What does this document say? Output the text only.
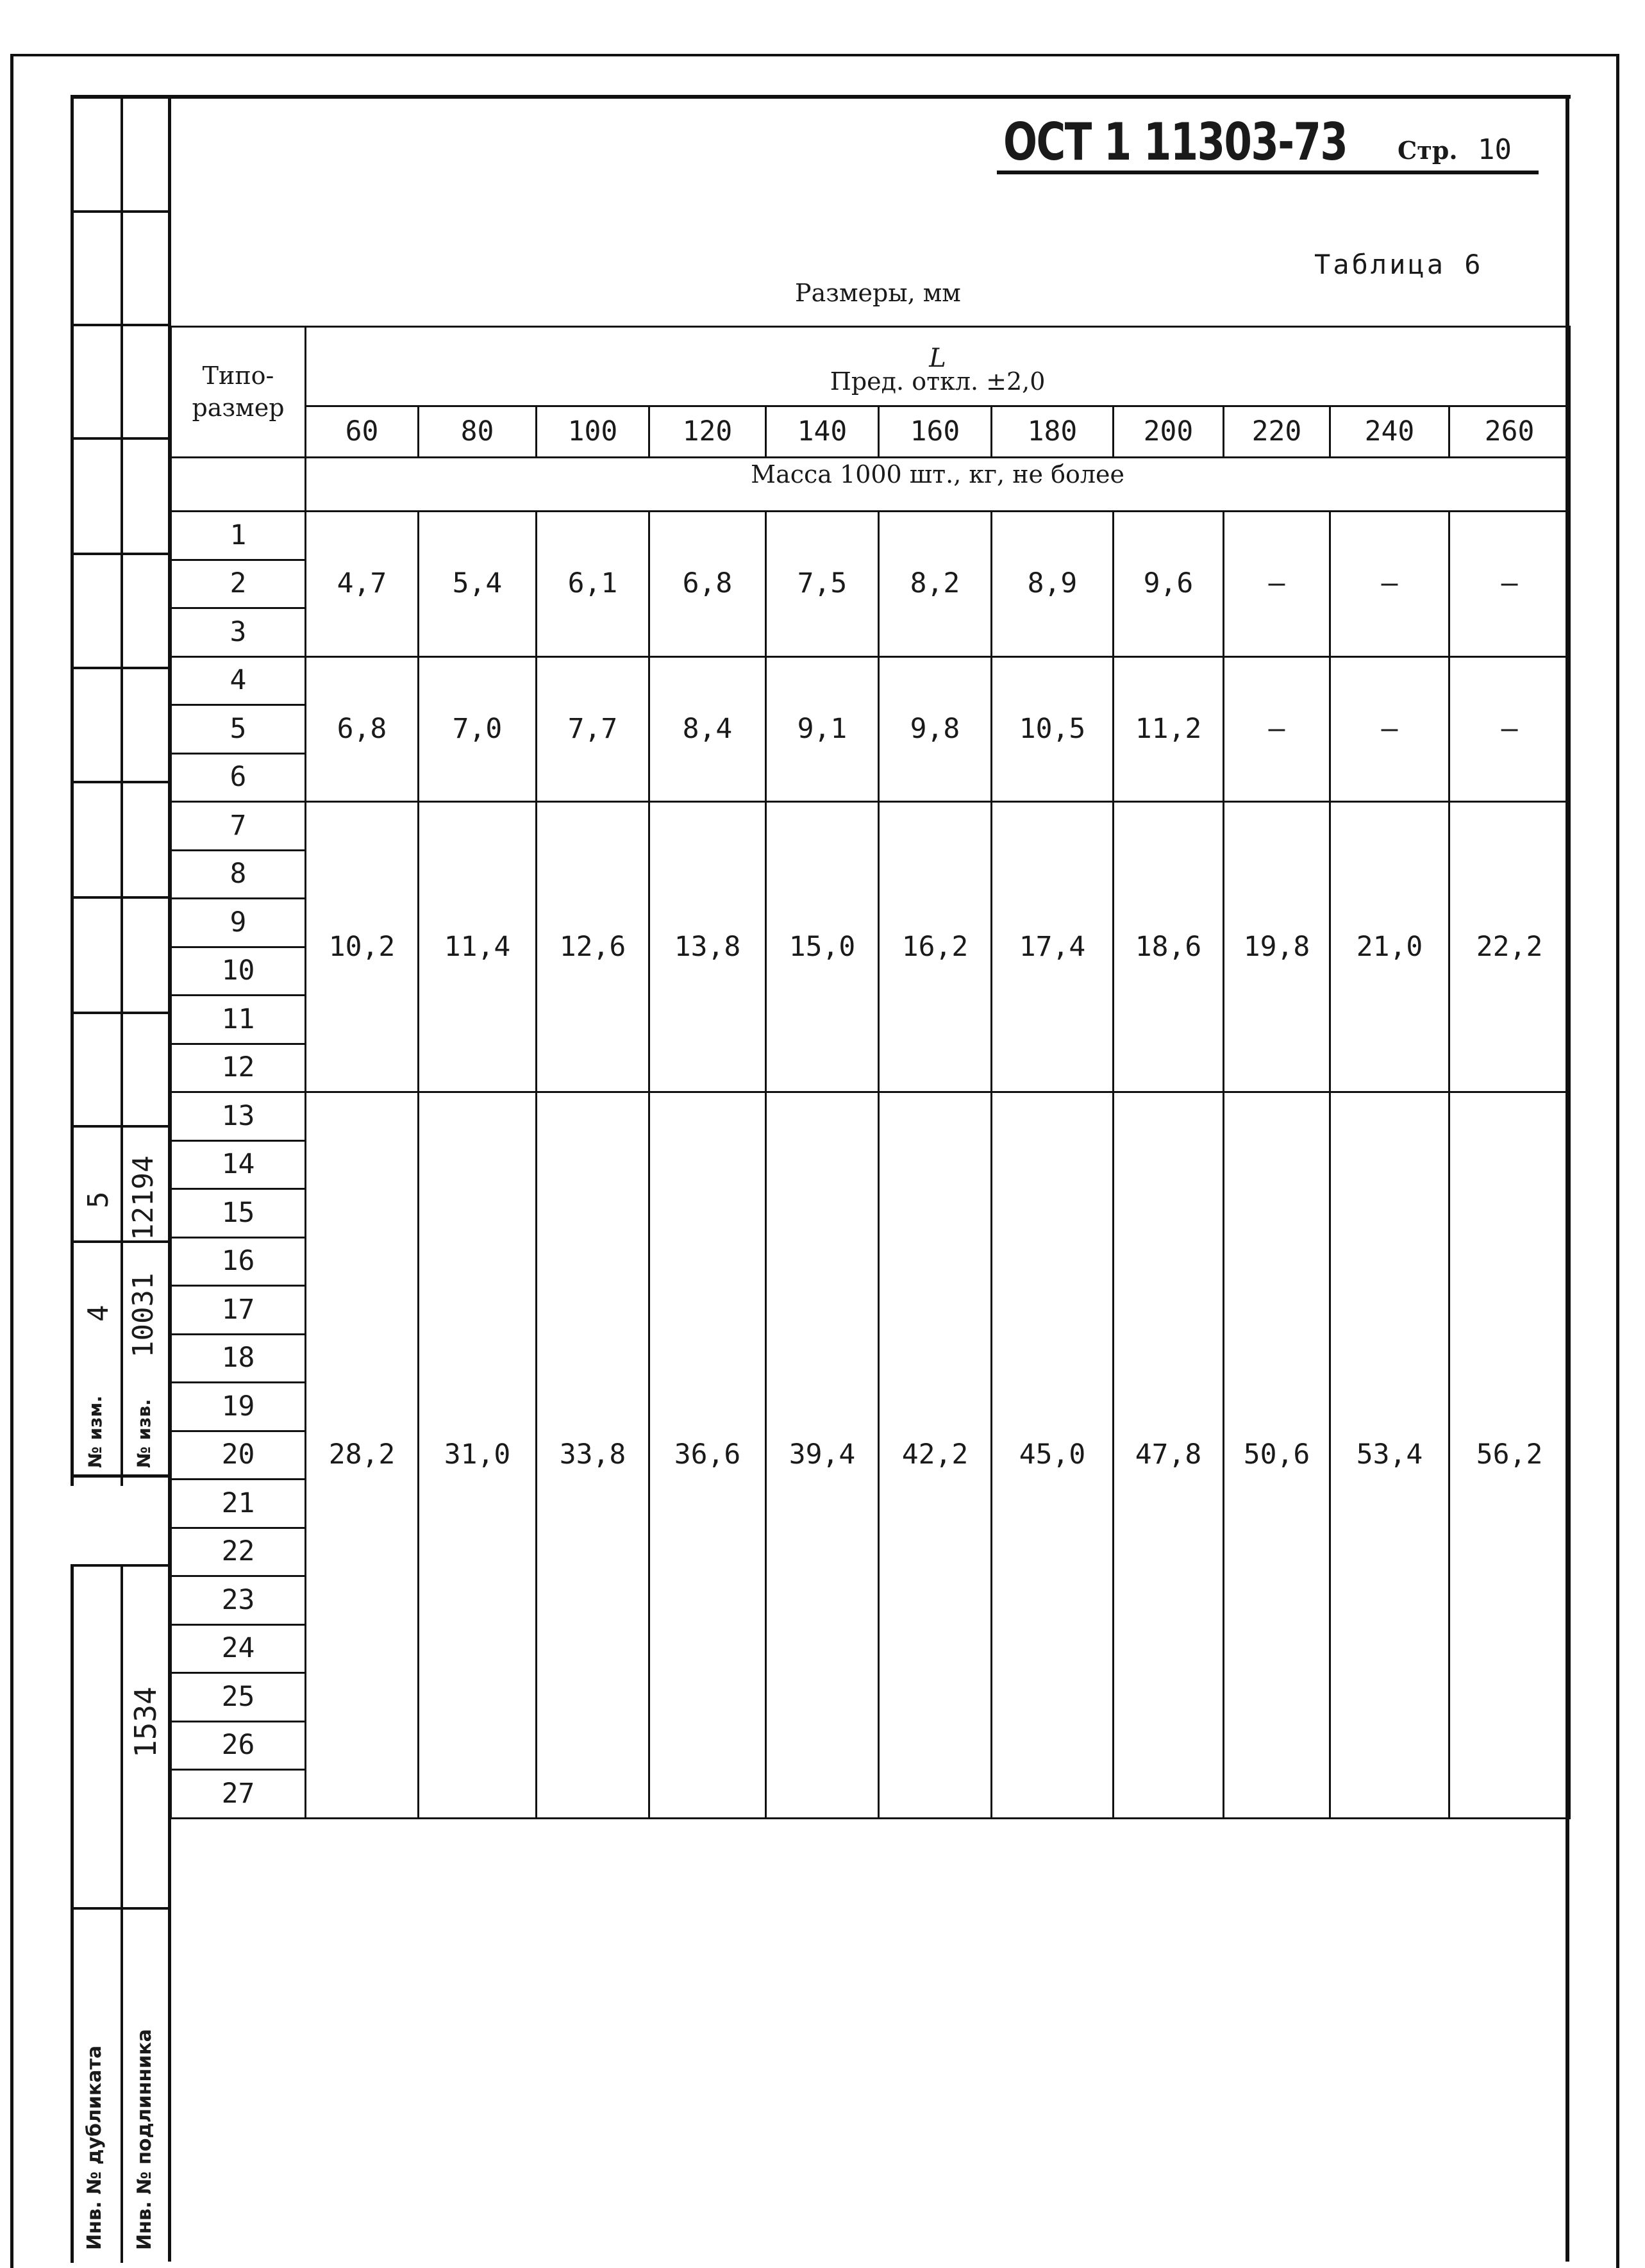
5 12194
4 10031
№ изм. № изв.
1534
Инв. № дубликата Инв. № подлинника
ОСТ 1 11303-73 Стр. 10
Таблица 6
Размеры, мм
Типо-
размер	L
Пред. откл. ±2,0										
	60	80	100	120	140	160	180	200	220	240	260
	Масса 1000 шт., кг, не более										
1	4,7	5,4	6,1	6,8	7,5	8,2	8,9	9,6	–	–	–
2											
3											
4	6,8	7,0	7,7	8,4	9,1	9,8	10,5	11,2	–	–	–
5											
6											
7	10,2	11,4	12,6	13,8	15,0	16,2	17,4	18,6	19,8	21,0	22,2
8											
9											
10											
11											
12											
13	28,2	31,0	33,8	36,6	39,4	42,2	45,0	47,8	50,6	53,4	56,2
14											
15											
16											
17											
18											
19											
20											
21											
22											
23											
24											
25											
26											
27											
